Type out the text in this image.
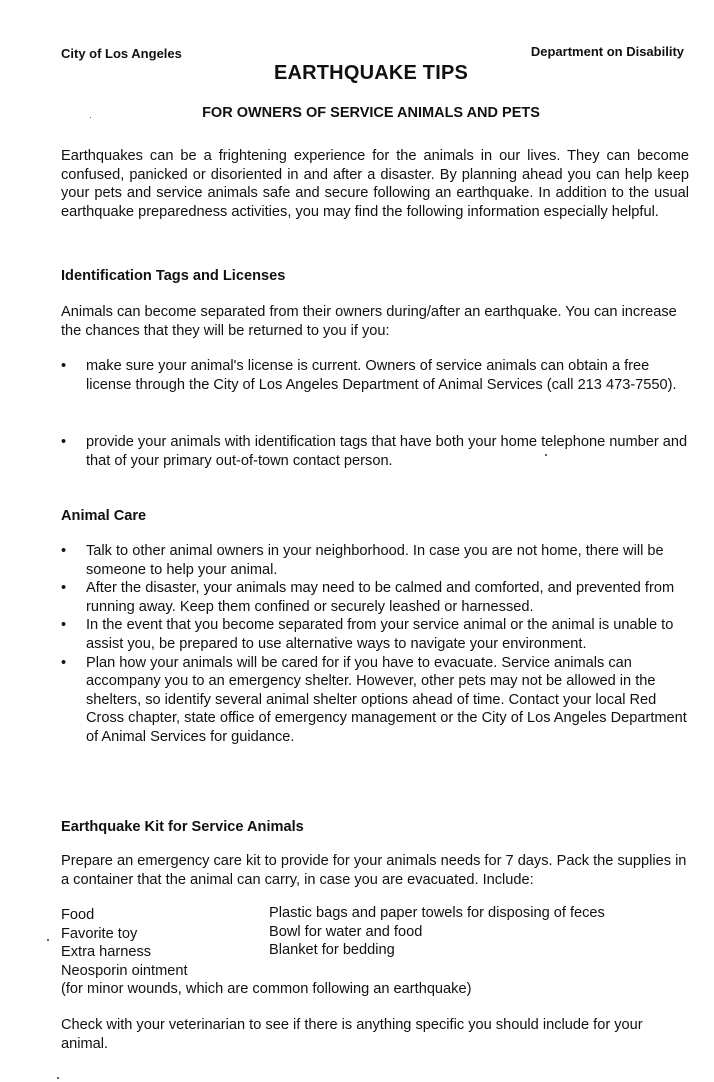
City of Los Angeles	Department on Disability
EARTHQUAKE TIPS
FOR OWNERS OF SERVICE ANIMALS AND PETS

Earthquakes can be a frightening experience for the animals in our lives. They can become confused, panicked or disoriented in and after a disaster. By planning ahead you can help keep your pets and service animals safe and secure following an earthquake. In addition to the usual earthquake preparedness activities, you may find the following information especially helpful.

Identification Tags and Licenses

Animals can become separated from their owners during/after an earthquake. You can increase the chances that they will be returned to you if you:

• make sure your animal's license is current. Owners of service animals can obtain a free license through the City of Los Angeles Department of Animal Services (call 213 473-7550).
• provide your animals with identification tags that have both your home telephone number and that of your primary out-of-town contact person.
Animal Care
• Talk to other animal owners in your neighborhood. In case you are not home, there will be someone to help your animal.
• After the disaster, your animals may need to be calmed and comforted, and prevented from running away. Keep them confined or securely leashed or harnessed.
• In the event that you become separated from your service animal or the animal is unable to assist you, be prepared to use alternative ways to navigate your environment.
• Plan how your animals will be cared for if you have to evacuate. Service animals can accompany you to an emergency shelter. However, other pets may not be allowed in the shelters, so identify several animal shelter options ahead of time. Contact your local Red Cross chapter, state office of emergency management or the City of Los Angeles Department of Animal Services for guidance.
Earthquake Kit for Service Animals

Prepare an emergency care kit to provide for your animals needs for 7 days. Pack the supplies in a container that the animal can carry, in case you are evacuated. Include:

Food
Favorite toy
Extra harness
Neosporin ointment
Plastic bags and paper towels for disposing of feces
Bowl for water and food
Blanket for bedding
(for minor wounds, which are common following an earthquake)

Check with your veterinarian to see if there is anything specific you should include for your animal.
